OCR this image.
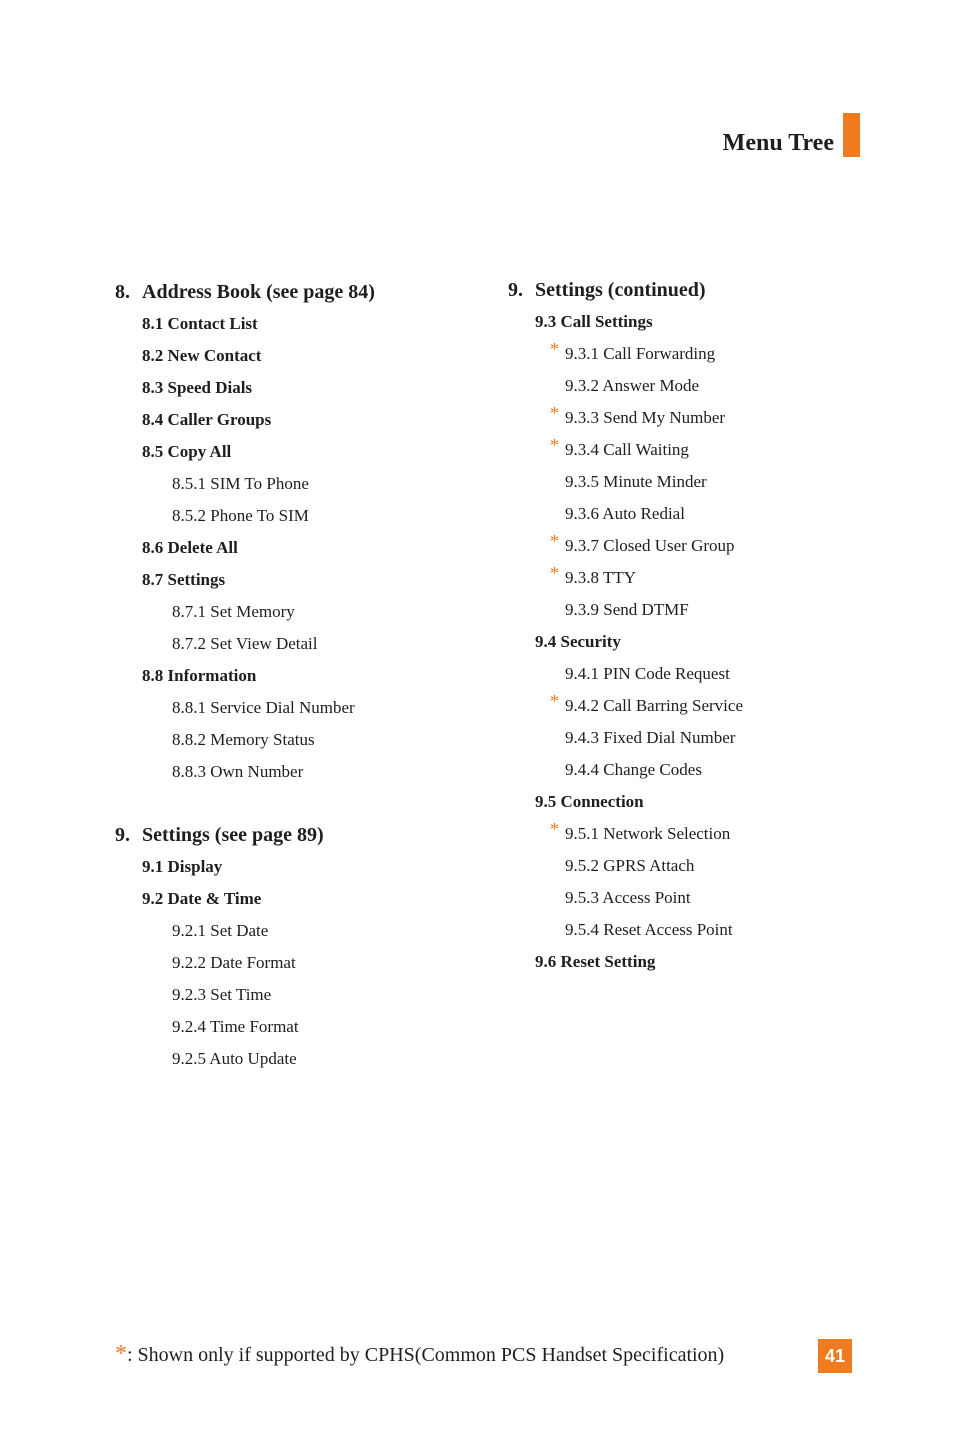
Menu Tree
8. Address Book (see page 84)
8.1 Contact List
8.2 New Contact
8.3 Speed Dials
8.4 Caller Groups
8.5 Copy All
8.5.1 SIM To Phone
8.5.2 Phone To SIM
8.6 Delete All
8.7 Settings
8.7.1 Set Memory
8.7.2 Set View Detail
8.8 Information
8.8.1 Service Dial Number
8.8.2 Memory Status
8.8.3 Own Number
9. Settings (see page 89)
9.1 Display
9.2 Date & Time
9.2.1 Set Date
9.2.2 Date Format
9.2.3 Set Time
9.2.4 Time Format
9.2.5 Auto Update
9. Settings (continued)
9.3 Call Settings
* 9.3.1 Call Forwarding
9.3.2 Answer Mode
* 9.3.3 Send My Number
* 9.3.4 Call Waiting
9.3.5 Minute Minder
9.3.6 Auto Redial
* 9.3.7 Closed User Group
* 9.3.8 TTY
9.3.9 Send DTMF
9.4 Security
9.4.1 PIN Code Request
* 9.4.2 Call Barring Service
9.4.3 Fixed Dial Number
9.4.4 Change Codes
9.5 Connection
* 9.5.1 Network Selection
9.5.2 GPRS Attach
9.5.3 Access Point
9.5.4 Reset Access Point
9.6 Reset Setting
*: Shown only if supported by CPHS(Common PCS Handset Specification)	41
